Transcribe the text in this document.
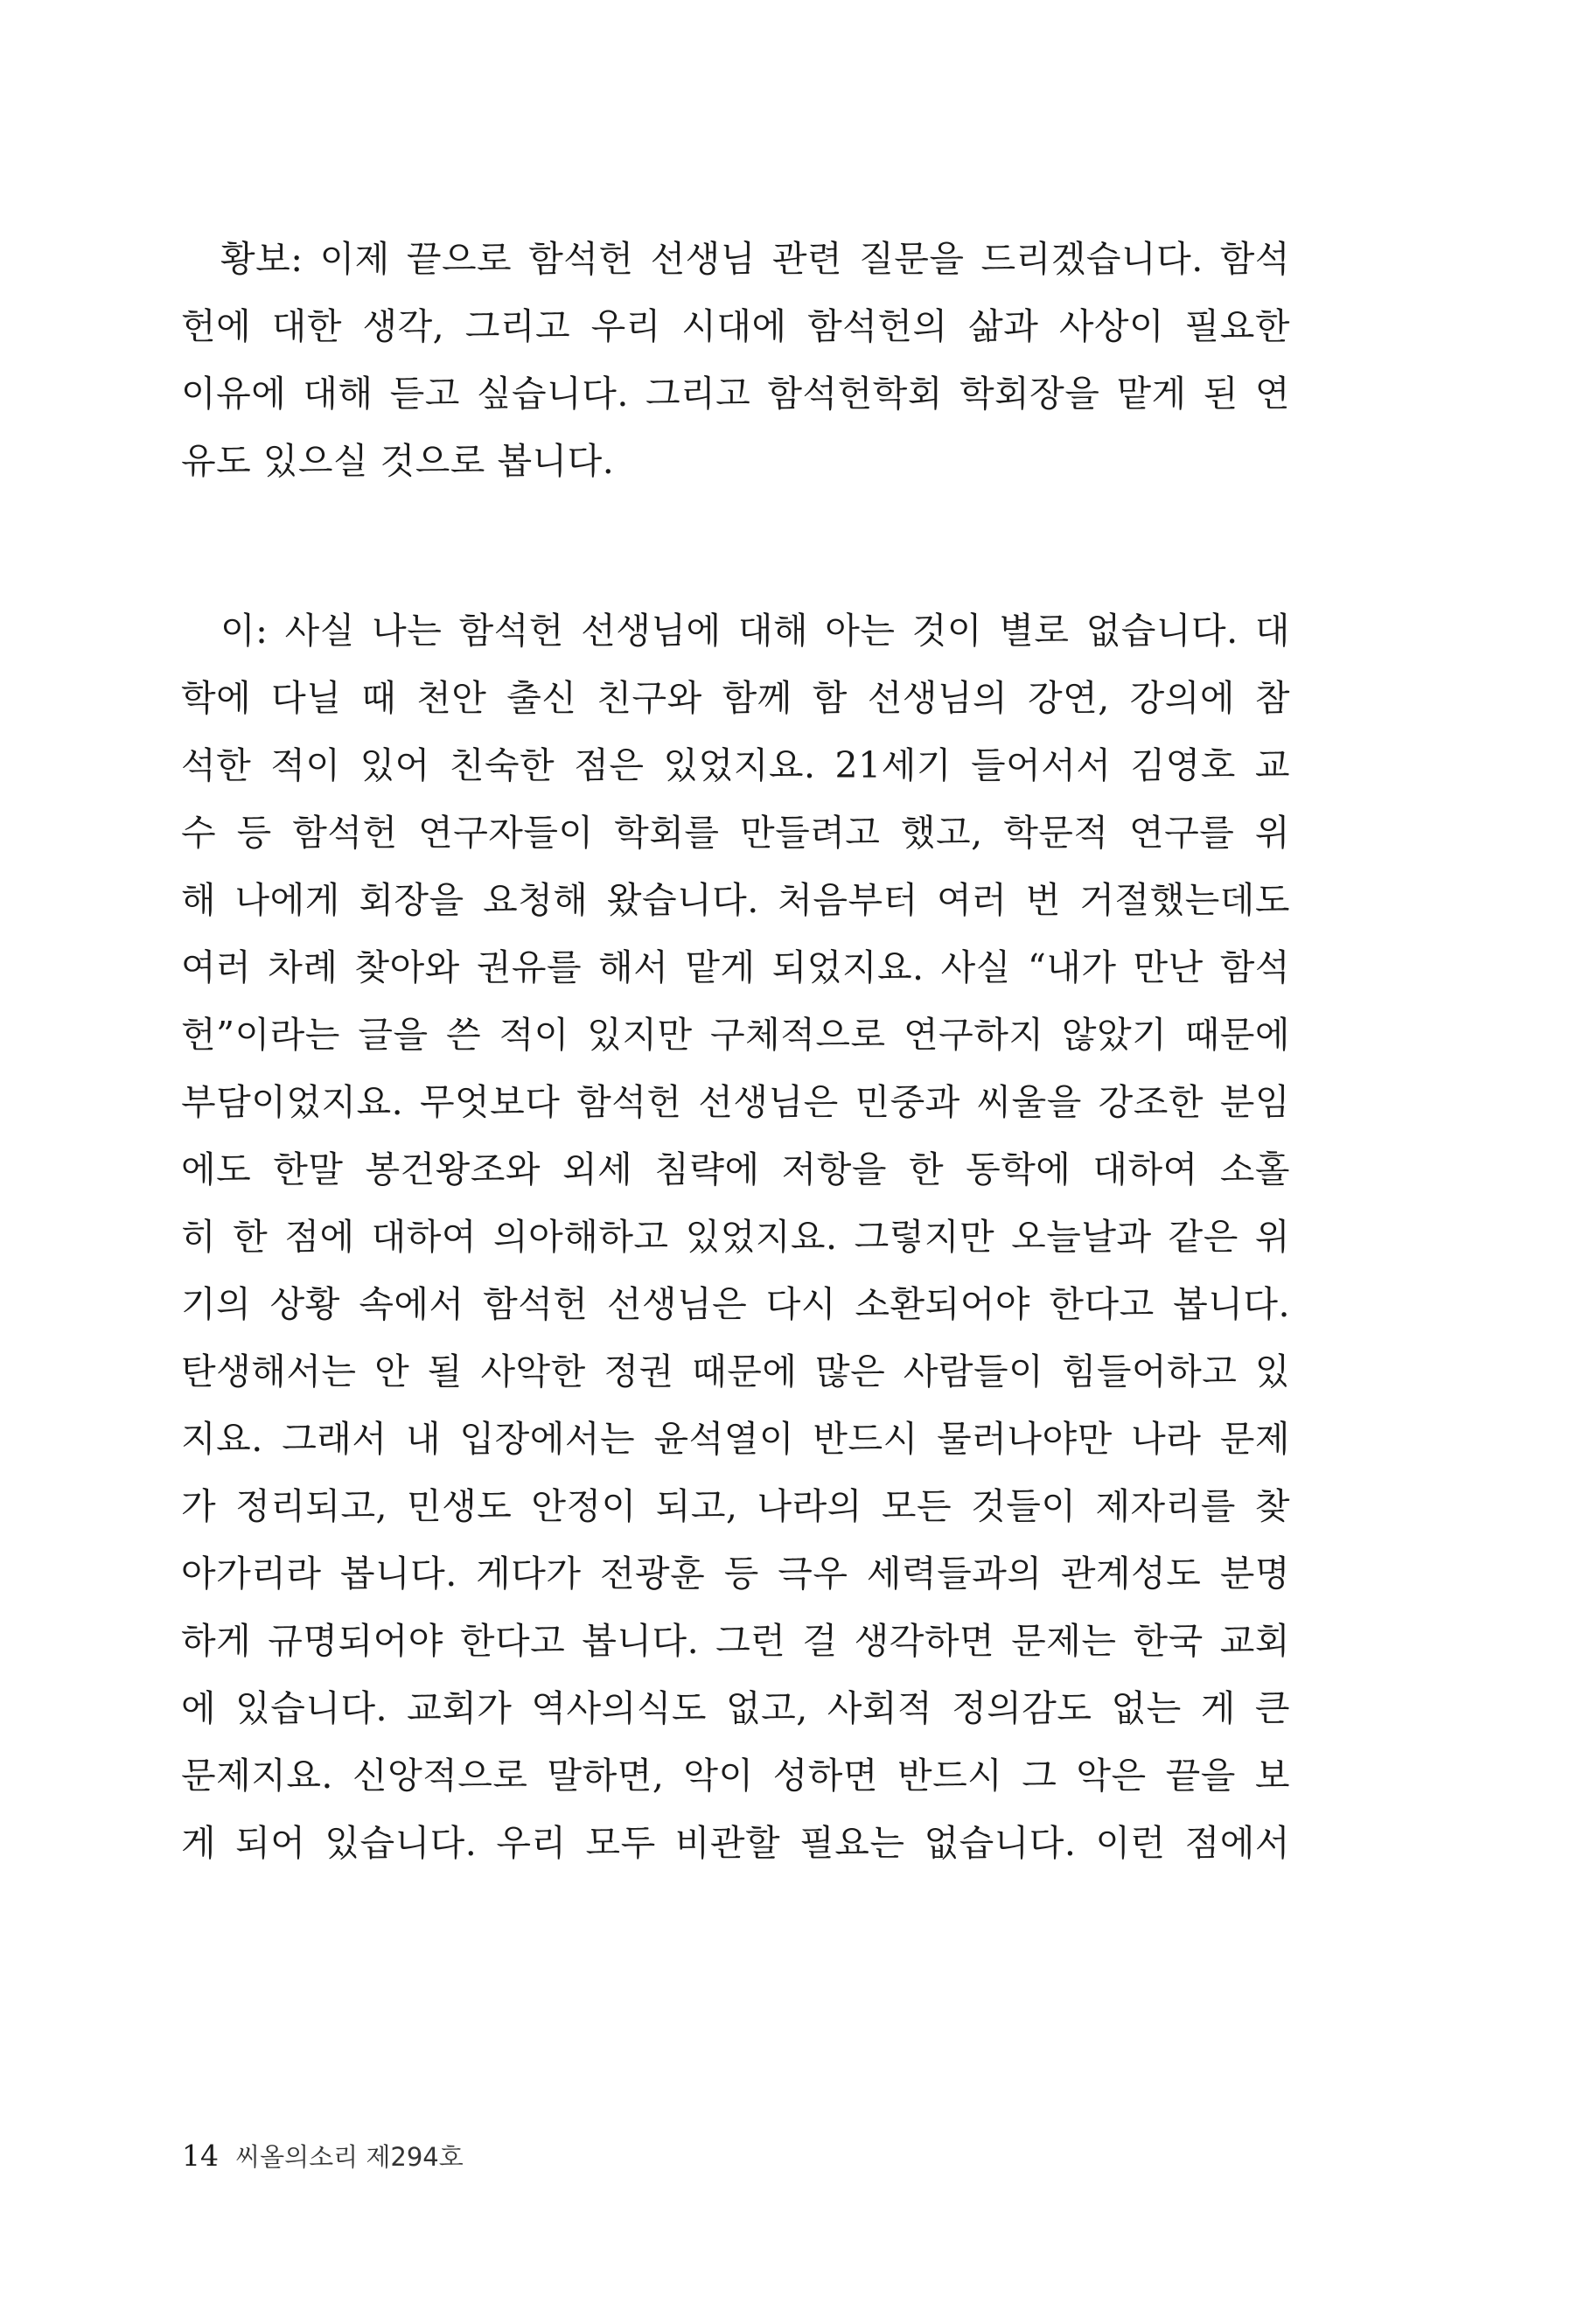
황보: 이제 끝으로 함석헌 선생님 관련 질문을 드리겠습니다. 함석
헌에 대한 생각, 그리고 우리 시대에 함석헌의 삶과 사상이 필요한
이유에 대해 듣고 싶습니다. 그리고 함석헌학회 학회장을 맡게 된 연
유도 있으실 것으로 봅니다.
이: 사실 나는 함석헌 선생님에 대해 아는 것이 별로 없습니다. 대
학에 다닐 때 천안 출신 친구와 함께 함 선생님의 강연, 강의에 참
석한 적이 있어 친숙한 점은 있었지요. 21세기 들어서서 김영호 교
수 등 함석헌 연구자들이 학회를 만들려고 했고, 학문적 연구를 위
해 나에게 회장을 요청해 왔습니다. 처음부터 여러 번 거절했는데도
여러 차례 찾아와 권유를 해서 맡게 되었지요. 사실 “내가 만난 함석
헌”이라는 글을 쓴 적이 있지만 구체적으로 연구하지 않았기 때문에
부담이었지요. 무엇보다 함석헌 선생님은 민중과 씨울을 강조한 분임
에도 한말 봉건왕조와 외세 침략에 저항을 한 동학에 대하여 소홀
히 한 점에 대하여 의아해하고 있었지요. 그렇지만 오늘날과 같은 위
기의 상황 속에서 함석헌 선생님은 다시 소환되어야 한다고 봅니다.
탄생해서는 안 될 사악한 정권 때문에 많은 사람들이 힘들어하고 있
지요. 그래서 내 입장에서는 윤석열이 반드시 물러나야만 나라 문제
가 정리되고, 민생도 안정이 되고, 나라의 모든 것들이 제자리를 찾
아가리라 봅니다. 게다가 전광훈 등 극우 세력들과의 관계성도 분명
하게 규명되어야 한다고 봅니다. 그런 걸 생각하면 문제는 한국 교회
에 있습니다. 교회가 역사의식도 없고, 사회적 정의감도 없는 게 큰
문제지요. 신앙적으로 말하면, 악이 성하면 반드시 그 악은 끝을 보
게 되어 있습니다. 우리 모두 비관할 필요는 없습니다. 이런 점에서
14 씨올의소리 제294호
